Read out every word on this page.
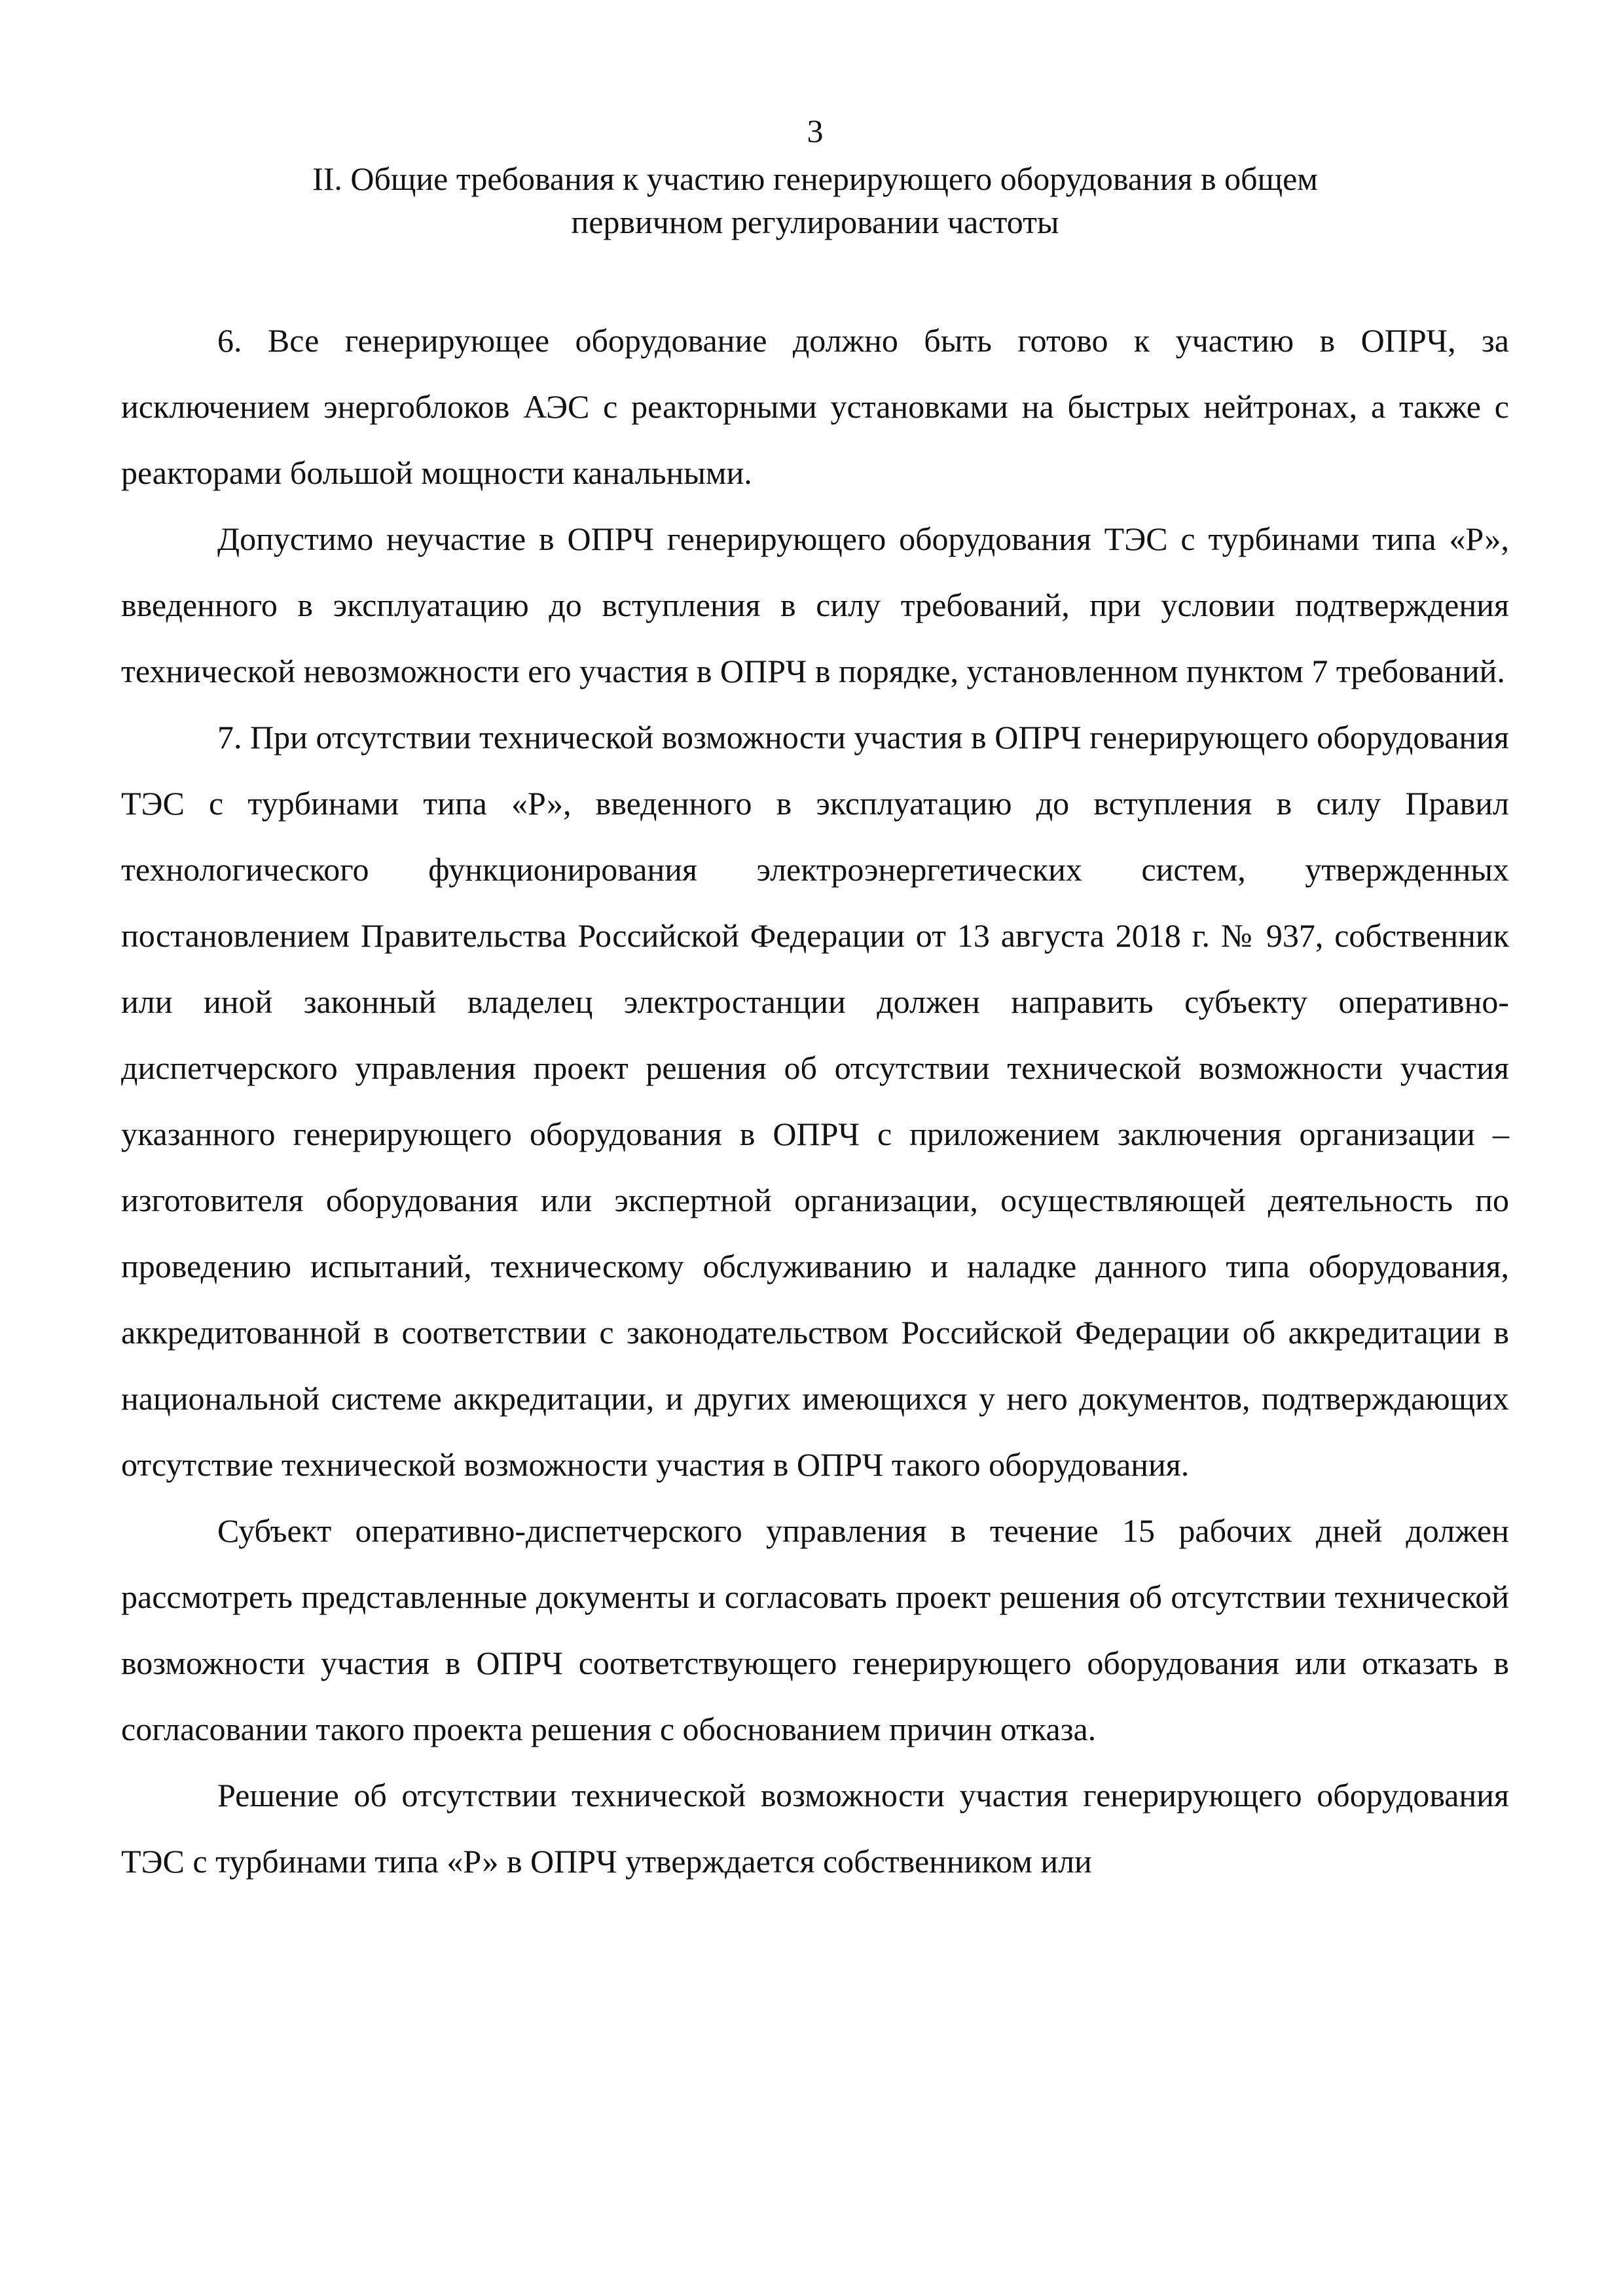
3
II. Общие требования к участию генерирующего оборудования в общем
первичном регулировании частоты

6. Все генерирующее оборудование должно быть готово к участию в ОПРЧ, за исключением энергоблоков АЭС с реакторными установками на быстрых нейтронах, а также с реакторами большой мощности канальными.

Допустимо неучастие в ОПРЧ генерирующего оборудования ТЭС с турбинами типа «Р», введенного в эксплуатацию до вступления в силу требований, при условии подтверждения технической невозможности его участия в ОПРЧ в порядке, установленном пунктом 7 требований.

7. При отсутствии технической возможности участия в ОПРЧ генерирующего оборудования ТЭС с турбинами типа «Р», введенного в эксплуатацию до вступления в силу Правил технологического функционирования электроэнергетических систем, утвержденных постановлением Правительства Российской Федерации от 13 августа 2018 г. № 937, собственник или иной законный владелец электростанции должен направить субъекту оперативно-диспетчерского управления проект решения об отсутствии технической возможности участия указанного генерирующего оборудования в ОПРЧ с приложением заключения организации – изготовителя оборудования или экспертной организации, осуществляющей деятельность по проведению испытаний, техническому обслуживанию и наладке данного типа оборудования, аккредитованной в соответствии с законодательством Российской Федерации об аккредитации в национальной системе аккредитации, и других имеющихся у него документов, подтверждающих отсутствие технической возможности участия в ОПРЧ такого оборудования.

Субъект оперативно-диспетчерского управления в течение 15 рабочих дней должен рассмотреть представленные документы и согласовать проект решения об отсутствии технической возможности участия в ОПРЧ соответствующего генерирующего оборудования или отказать в согласовании такого проекта решения с обоснованием причин отказа.

Решение об отсутствии технической возможности участия генерирующего оборудования ТЭС с турбинами типа «Р» в ОПРЧ утверждается собственником или
